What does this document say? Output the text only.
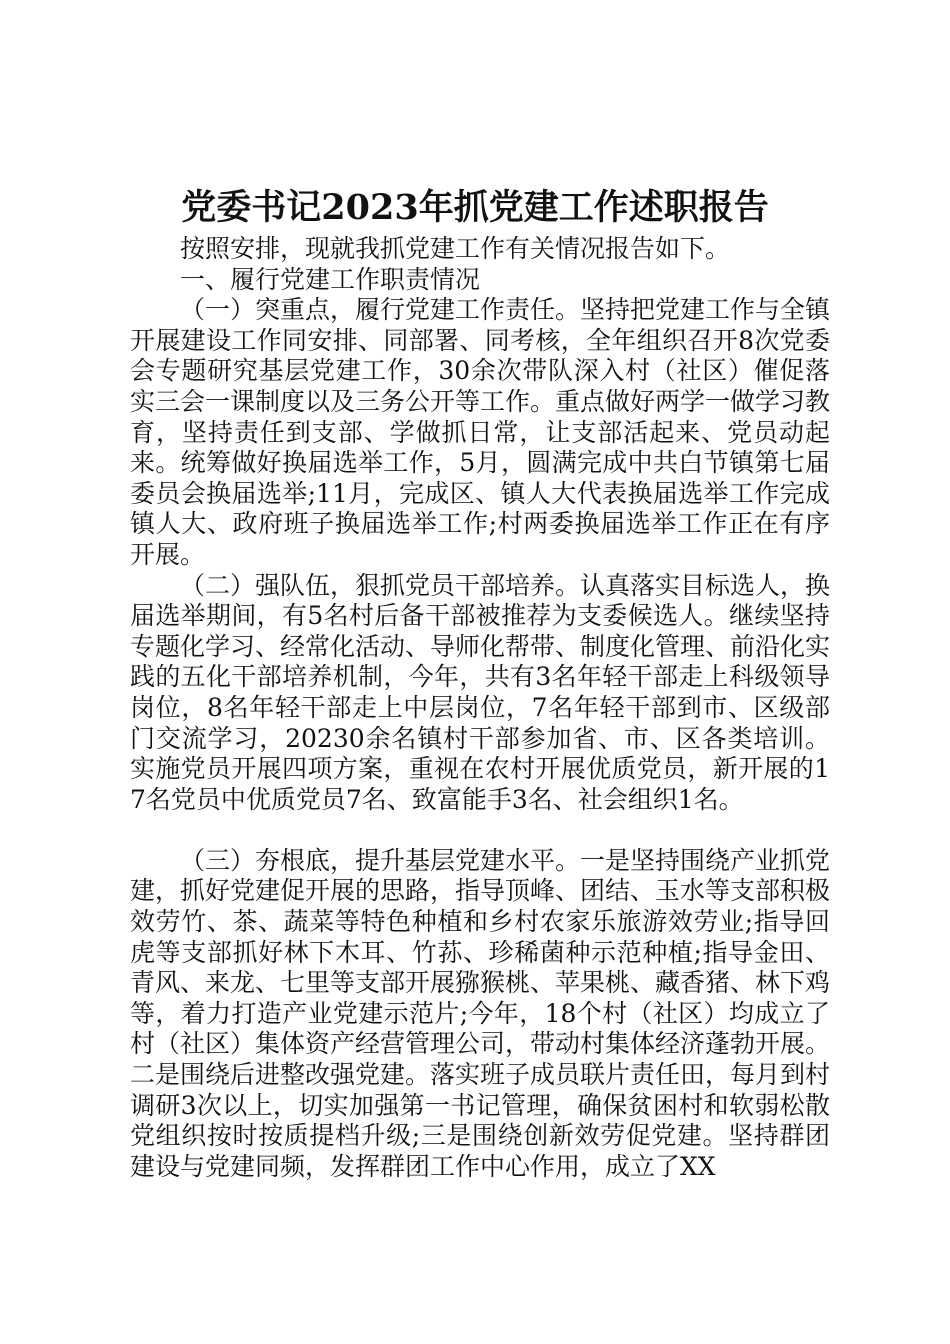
党委书记2023年抓党建工作述职报告

按照安排，现就我抓党建工作有关情况报告如下。

一、履行党建工作职责情况

（一）突重点，履行党建工作责任。坚持把党建工作与全镇开展建设工作同安排、同部署、同考核，全年组织召开8次党委会专题研究基层党建工作，30余次带队深入村（社区）催促落实三会一课制度以及三务公开等工作。重点做好两学一做学习教育，坚持责任到支部、学做抓日常，让支部活起来、党员动起来。统筹做好换届选举工作，5月，圆满完成中共白节镇第七届委员会换届选举;11月，完成区、镇人大代表换届选举工作完成镇人大、政府班子换届选举工作;村两委换届选举工作正在有序开展。

（二）强队伍，狠抓党员干部培养。认真落实目标选人，换届选举期间，有5名村后备干部被推荐为支委候选人。继续坚持专题化学习、经常化活动、导师化帮带、制度化管理、前沿化实践的五化干部培养机制，今年，共有3名年轻干部走上科级领导岗位，8名年轻干部走上中层岗位，7名年轻干部到市、区级部门交流学习，20230余名镇村干部参加省、市、区各类培训。实施党员开展四项方案，重视在农村开展优质党员，新开展的17名党员中优质党员7名、致富能手3名、社会组织1名。

（三）夯根底，提升基层党建水平。一是坚持围绕产业抓党建，抓好党建促开展的思路，指导顶峰、团结、玉水等支部积极效劳竹、茶、蔬菜等特色种植和乡村农家乐旅游效劳业;指导回虎等支部抓好林下木耳、竹荪、珍稀菌种示范种植;指导金田、青风、来龙、七里等支部开展猕猴桃、苹果桃、藏香猪、林下鸡等，着力打造产业党建示范片;今年，18个村（社区）均成立了村（社区）集体资产经营管理公司，带动村集体经济蓬勃开展。二是围绕后进整改强党建。落实班子成员联片责任田，每月到村调研3次以上，切实加强第一书记管理，确保贫困村和软弱松散党组织按时按质提档升级;三是围绕创新效劳促党建。坚持群团建设与党建同频，发挥群团工作中心作用，成立了XX
